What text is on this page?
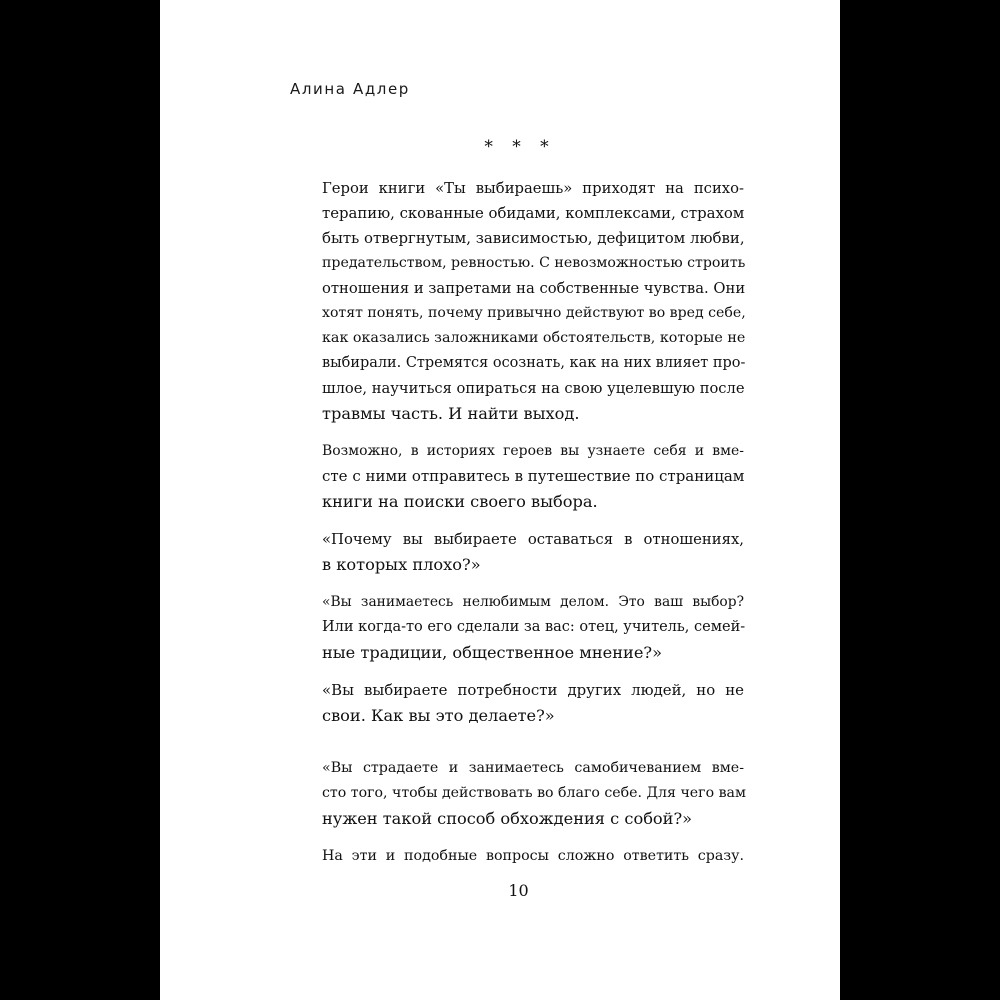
Алина Адлер
* * *

Герои книги «Ты выбираешь» приходят на психо-
терапию, скованные обидами, комплексами, страхом
быть отвергнутым, зависимостью, дефицитом любви,
предательством, ревностью. С невозможностью строить
отношения и запретами на собственные чувства. Они
хотят понять, почему привычно действуют во вред себе,
как оказались заложниками обстоятельств, которые не
выбирали. Стремятся осознать, как на них влияет про-
шлое, научиться опираться на свою уцелевшую после
травмы часть. И найти выход.

Возможно, в историях героев вы узнаете себя и вме-
сте с ними отправитесь в путешествие по страницам
книги на поиски своего выбора.

«Почему вы выбираете оставаться в отношениях,
в которых плохо?»

«Вы занимаетесь нелюбимым делом. Это ваш выбор?
Или когда-то его сделали за вас: отец, учитель, семей-
ные традиции, общественное мнение?»

«Вы выбираете потребности других людей, но не
свои. Как вы это делаете?»

«Вы страдаете и занимаетесь самобичеванием вме-
сто того, чтобы действовать во благо себе. Для чего вам
нужен такой способ обхождения с собой?»

На эти и подобные вопросы сложно ответить сразу.

10
